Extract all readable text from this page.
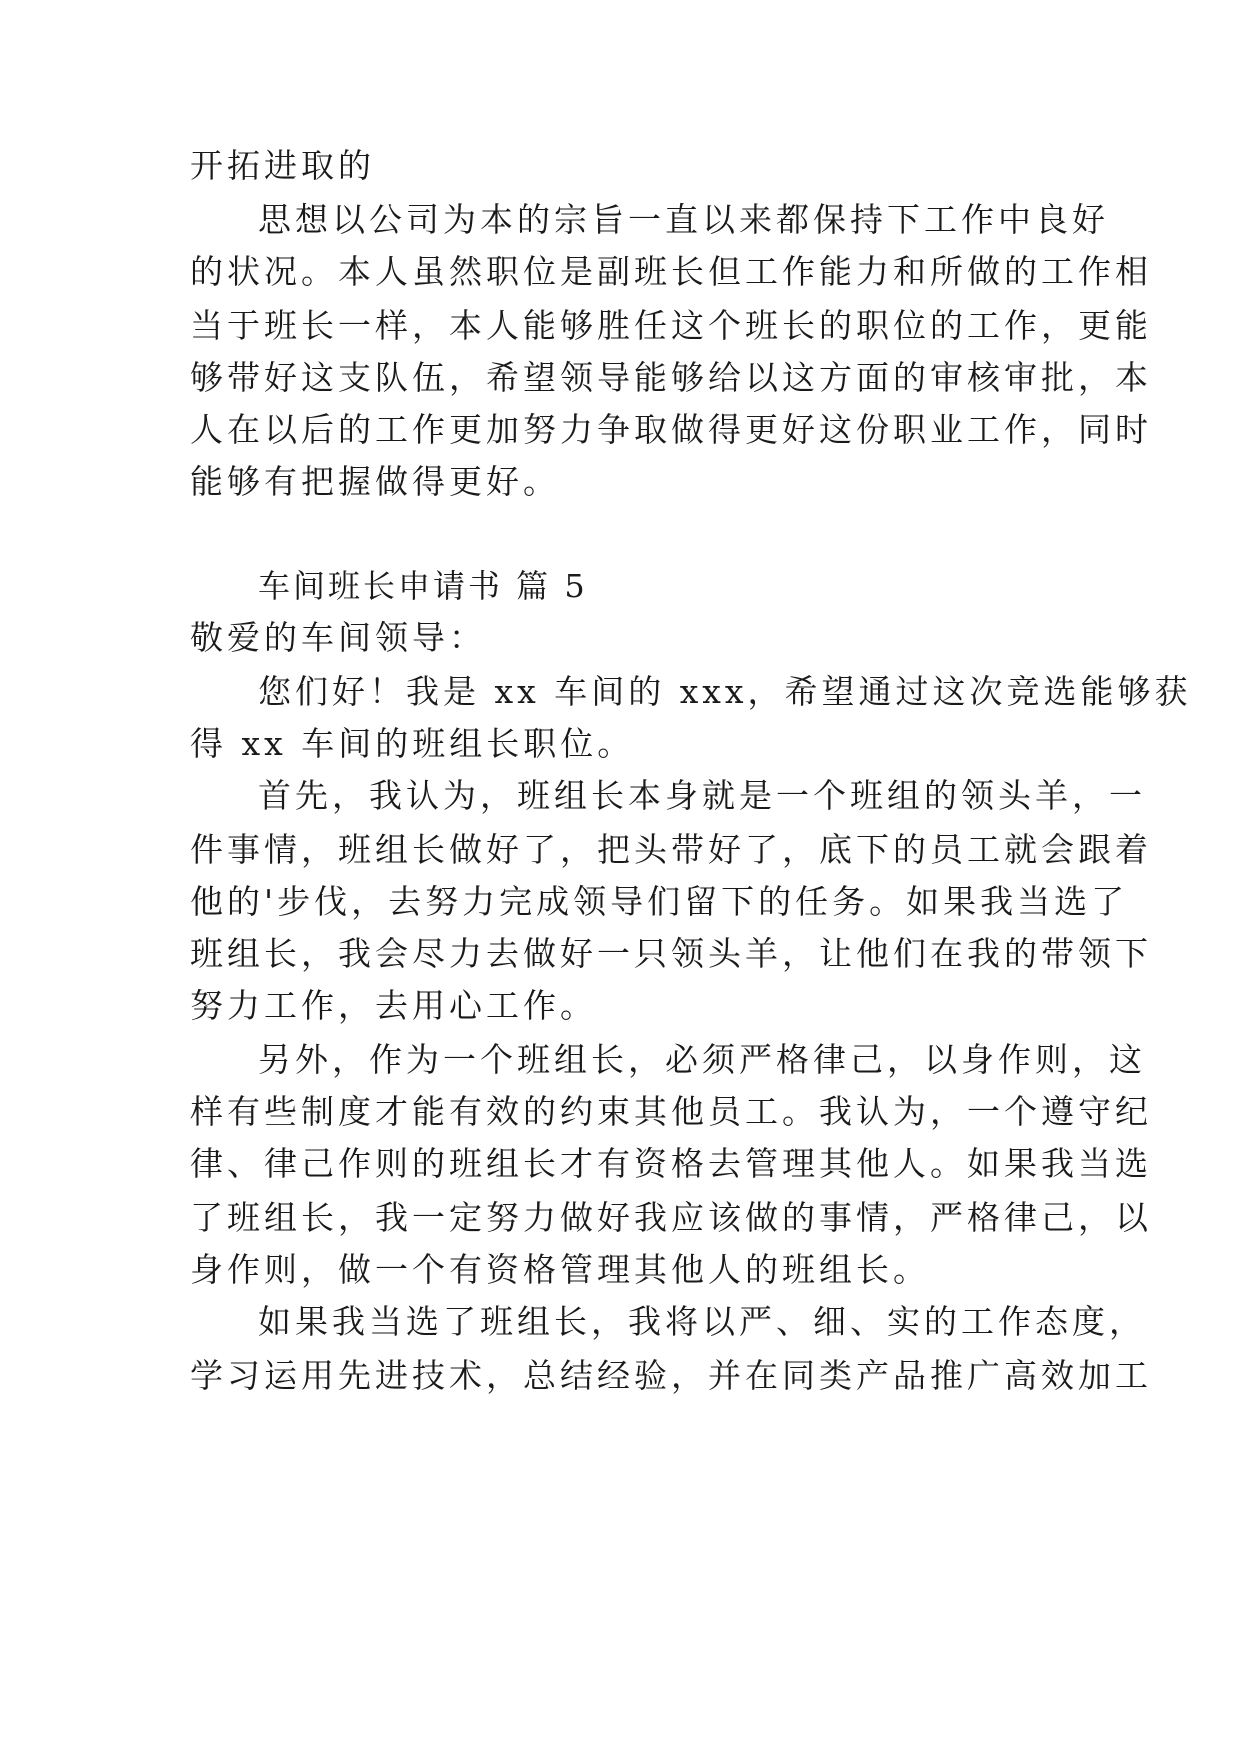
开拓进取的
思想以公司为本的宗旨一直以来都保持下工作中良好
的状况。本人虽然职位是副班长但工作能力和所做的工作相
当于班长一样，本人能够胜任这个班长的职位的工作，更能
够带好这支队伍，希望领导能够给以这方面的审核审批，本
人在以后的工作更加努力争取做得更好这份职业工作，同时
能够有把握做得更好。
车间班长申请书 篇 5
敬爱的车间领导：
您们好！我是 xx 车间的 xxx，希望通过这次竞选能够获
得 xx 车间的班组长职位。
首先，我认为，班组长本身就是一个班组的领头羊，一
件事情，班组长做好了，把头带好了，底下的员工就会跟着
他的'步伐，去努力完成领导们留下的任务。如果我当选了
班组长，我会尽力去做好一只领头羊，让他们在我的带领下
努力工作，去用心工作。
另外，作为一个班组长，必须严格律己，以身作则，这
样有些制度才能有效的约束其他员工。我认为，一个遵守纪
律、律己作则的班组长才有资格去管理其他人。如果我当选
了班组长，我一定努力做好我应该做的事情，严格律己，以
身作则，做一个有资格管理其他人的班组长。
如果我当选了班组长，我将以严、细、实的工作态度，
学习运用先进技术，总结经验，并在同类产品推广高效加工
